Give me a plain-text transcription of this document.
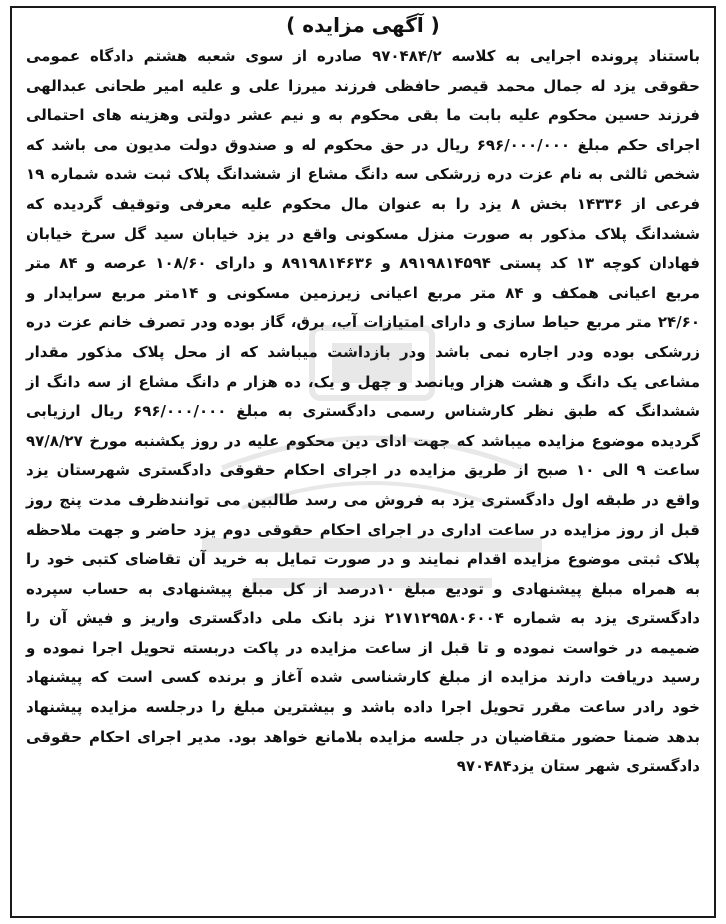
( آگهی مزایده )

باستناد پرونده اجرایی به کلاسه ۹۷۰۴۸۴/۲ صادره از سوی شعبه هشتم دادگاه عمومی حقوقی یزد له جمال محمد قیصر حافظی فرزند میرزا علی و علیه امیر طحانی عبدالهی فرزند حسین محکوم علیه بابت ما بقی محکوم به و نیم عشر دولتی وهزینه های احتمالی اجرای حکم مبلغ ۶۹۶/۰۰۰/۰۰۰ ریال در حق محکوم له و صندوق دولت مدیون می باشد که شخص ثالثی به نام عزت دره زرشکی سه دانگ مشاع از ششدانگ پلاک ثبت شده شماره ۱۹ فرعی از ۱۴۳۳۶ بخش ۸ یزد را به عنوان مال محکوم علیه معرفی وتوقیف گردیده که ششدانگ پلاک مذکور به صورت منزل مسکونی واقع در یزد خیابان سید گل سرخ خیابان فهادان کوچه ۱۳ کد پستی ۸۹۱۹۸۱۴۵۹۴ و ۸۹۱۹۸۱۴۶۳۶ و دارای ۱۰۸/۶۰ عرصه و ۸۴ متر مربع اعیانی همکف و ۸۴ متر مربع اعیانی زیرزمین مسکونی و ۱۴متر مربع سرایدار و ۲۴/۶۰ متر مربع حیاط سازی و دارای امتیازات آب، برق، گاز بوده ودر تصرف خانم عزت دره زرشکی بوده ودر اجاره نمی باشد ودر بازداشت میباشد که از محل پلاک مذکور مقدار مشاعی یک دانگ و هشت هزار ویانصد و چهل و یک، ده هزار م دانگ مشاع از سه دانگ از ششدانگ که طبق نظر کارشناس رسمی دادگستری به مبلغ ۶۹۶/۰۰۰/۰۰۰ ریال ارزیابی گردیده موضوع مزایده میباشد که جهت ادای دین محکوم علیه در روز یکشنبه مورخ ۹۷/۸/۲۷ ساعت ۹ الی ۱۰ صبح از طریق مزایده در اجرای احکام حقوقی دادگستری شهرستان یزد واقع در طبقه اول دادگستری یزد به فروش می رسد طالبین می توانندظرف مدت پنج روز قبل از روز مزایده در ساعت اداری در اجرای احکام حقوقی دوم یزد حاضر و جهت ملاحظه پلاک ثبتی موضوع مزایده اقدام نمایند و در صورت تمایل به خرید آن تقاضای کتبی خود را به همراه مبلغ پیشنهادی و تودیع مبلغ ۱۰درصد از کل مبلغ پیشنهادی به حساب سپرده دادگستری یزد به شماره ۲۱۷۱۲۹۵۸۰۶۰۰۴ نزد بانک ملی دادگستری واریز و فیش آن را ضمیمه در خواست نموده و تا قبل از ساعت مزایده در پاکت دربسته تحویل اجرا نموده و رسید دریافت دارند مزایده از مبلغ کارشناسی شده آغاز و برنده کسی است که پیشنهاد خود رادر ساعت مقرر تحویل اجرا داده باشد و بیشترین مبلغ را درجلسه مزایده پیشنهاد بدهد ضمنا حضور متقاضیان در جلسه مزایده بلامانع خواهد بود. مدیر اجرای احکام حقوقی دادگستری شهر ستان یزد۹۷۰۴۸۴
